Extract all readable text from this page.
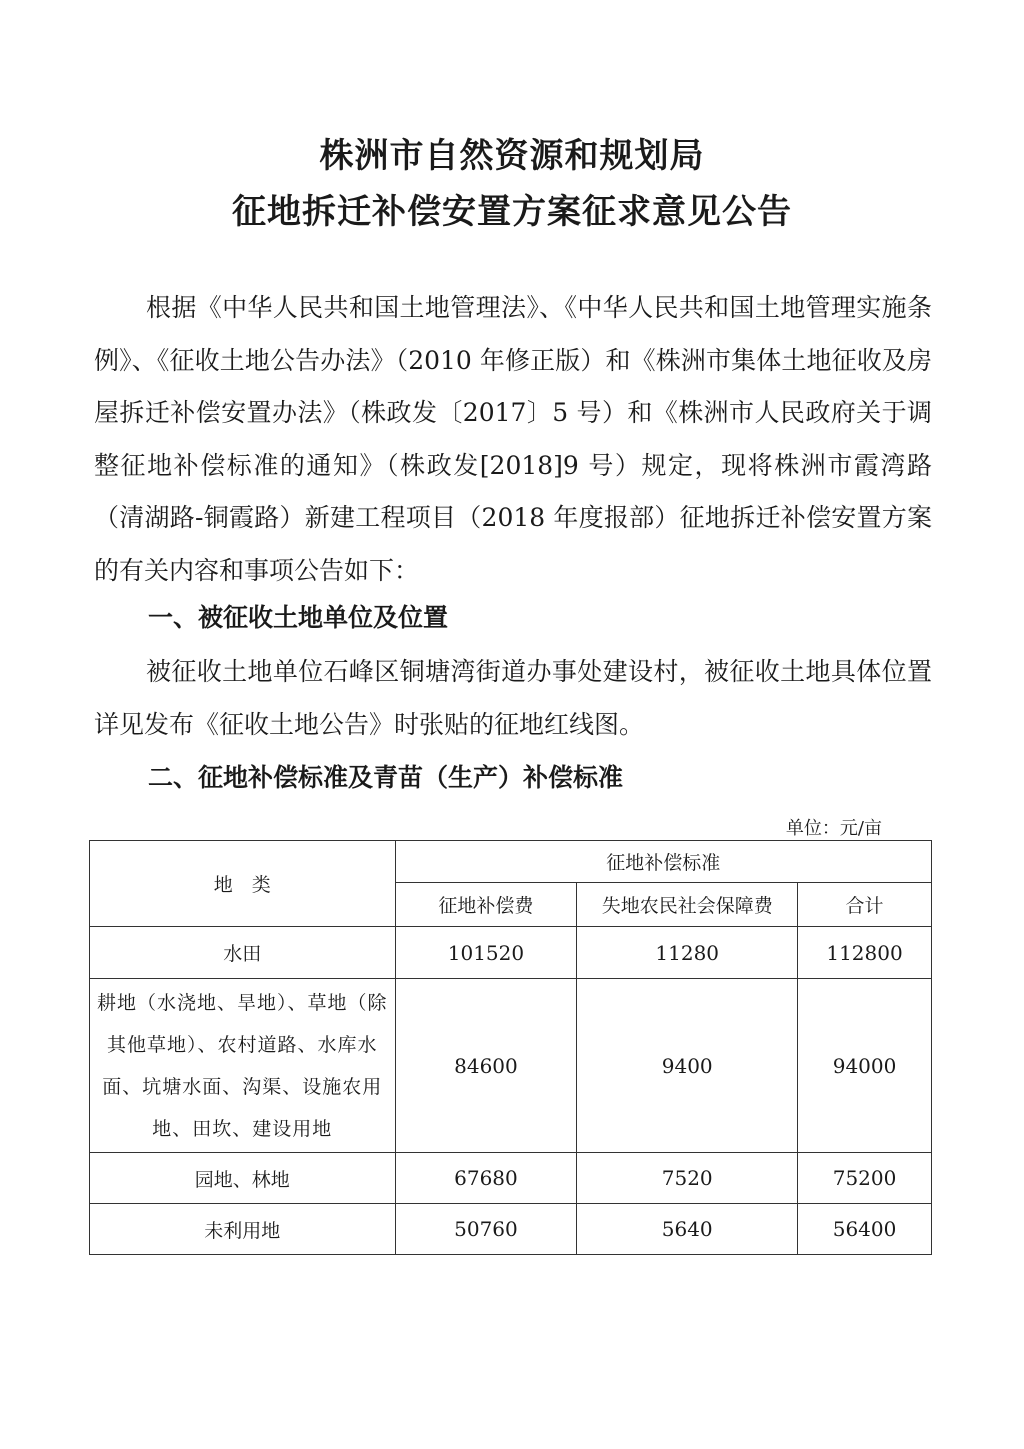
株洲市自然资源和规划局
征地拆迁补偿安置方案征求意见公告

根据《中华人民共和国土地管理法》、《中华人民共和国土地管理实施条例》、《征收土地公告办法》（2010 年修正版）和《株洲市集体土地征收及房屋拆迁补偿安置办法》（株政发〔2017〕5 号）和《株洲市人民政府关于调整征地补偿标准的通知》（株政发[2018]9 号）规定，现将株洲市霞湾路（清湖路-铜霞路）新建工程项目（2018 年度报部）征地拆迁补偿安置方案的有关内容和事项公告如下：

一、被征收土地单位及位置

被征收土地单位石峰区铜塘湾街道办事处建设村，被征收土地具体位置详见发布《征收土地公告》时张贴的征地红线图。

二、征地补偿标准及青苗（生产）补偿标准

单位：元/亩

地　类	征地补偿标准		
	征地补偿费	失地农民社会保障费	合计
水田	101520	11280	112800
耕地（水浇地、旱地）、草地（除其他草地）、农村道路、水库水面、坑塘水面、沟渠、设施农用地、田坎、建设用地	84600	9400	94000
园地、林地	67680	7520	75200
未利用地	50760	5640	56400
